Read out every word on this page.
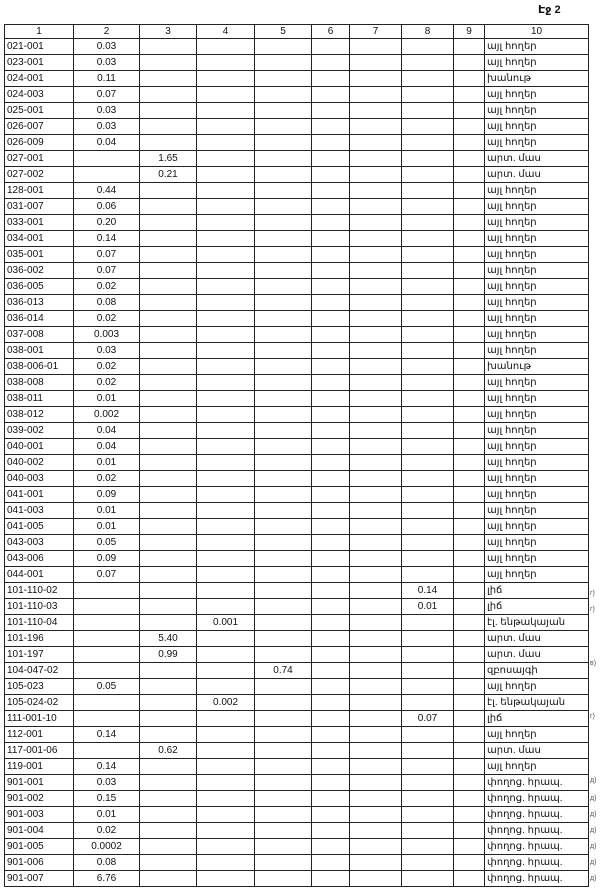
Էջ 2
1	2	3	4	5	6	7	8	9	10
021-001	0.03								այլ հողեր
023-001	0.03								այլ հողեր
024-001	0.11								խանութ
024-003	0.07								այլ հողեր
025-001	0.03								այլ հողեր
026-007	0.03								այլ հողեր
026-009	0.04								այլ հողեր
027-001		1.65							արտ. մաս
027-002		0.21							արտ. մաս
128-001	0.44								այլ հողեր
031-007	0.06								այլ հողեր
033-001	0.20								այլ հողեր
034-001	0.14								այլ հողեր
035-001	0.07								այլ հողեր
036-002	0.07								այլ հողեր
036-005	0.02								այլ հողեր
036-013	0.08								այլ հողեր
036-014	0.02								այլ հողեր
037-008	0.003								այլ հողեր
038-001	0.03								այլ հողեր
038-006-01	0.02								խանութ
038-008	0.02								այլ հողեր
038-011	0.01								այլ հողեր
038-012	0.002								այլ հողեր
039-002	0.04								այլ հողեր
040-001	0.04								այլ հողեր
040-002	0.01								այլ հողեր
040-003	0.02								այլ հողեր
041-001	0.09								այլ հողեր
041-003	0.01								այլ հողեր
041-005	0.01								այլ հողեր
043-003	0.05								այլ հողեր
043-006	0.09								այլ հողեր
044-001	0.07								այլ հողեր
101-110-02							0.14		լիճ
101-110-03							0.01		լիճ
101-110-04			0.001						էլ. ենթակայան
101-196		5.40							արտ. մաս
101-197		0.99							արտ. մաս
104-047-02				0.74					զբոսայգի
105-023	0.05								այլ հողեր
105-024-02			0.002						էլ. ենթակայան
111-001-10							0.07		լիճ
112-001	0.14								այլ հողեր
117-001-06		0.62							արտ. մաս
119-001	0.14								այլ հողեր
901-001	0.03								փողոց. հրապ.
901-002	0.15								փողոց. հրապ.
901-003	0.01								փողոց. հրապ.
901-004	0.02								փողոց. հրապ.
901-005	0.0002								փողոց. հրապ.
901-006	0.08								փողոց. հրապ.
901-007	6.76								փողոց. հրապ.
г)
г)
в)
г)
д)
д)
д)
д)
д)
д)
д)
